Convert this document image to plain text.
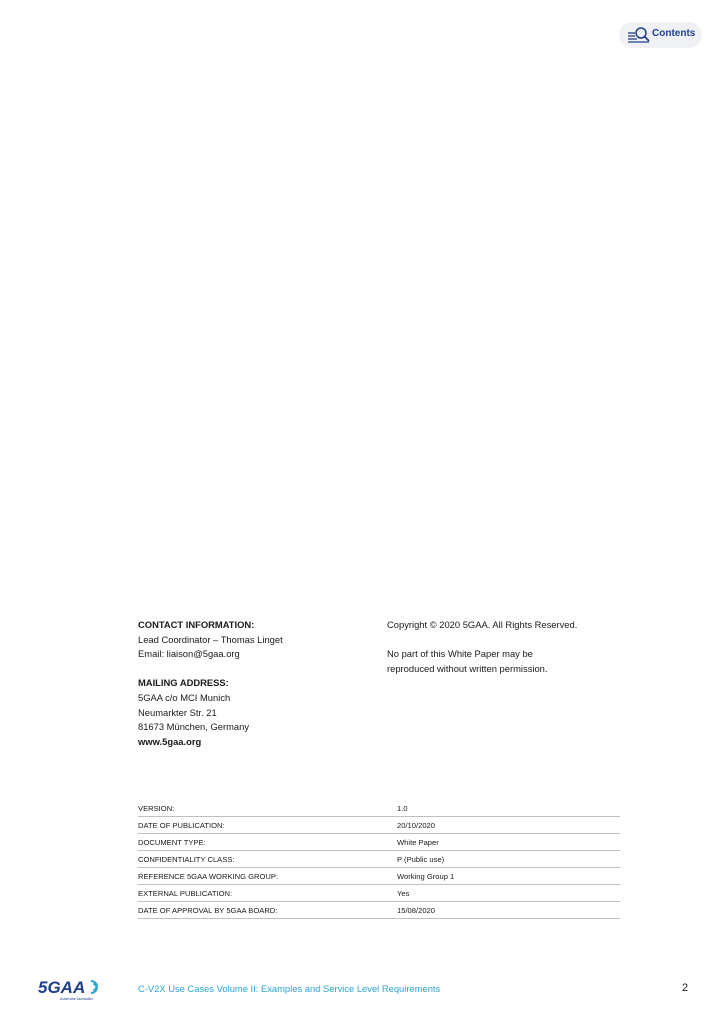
Contents
CONTACT INFORMATION:
Lead Coordinator – Thomas Linget
Email: liaison@5gaa.org
MAILING ADDRESS:
5GAA c/o MCI Munich
Neumarkter Str. 21
81673 München, Germany
www.5gaa.org
Copyright © 2020 5GAA. All Rights Reserved.
No part of this White Paper may be reproduced without written permission.
VERSION:	1.0
DATE OF PUBLICATION:	20/10/2020
DOCUMENT TYPE:	White Paper
CONFIDENTIALITY CLASS:	P (Public use)
REFERENCE 5GAA WORKING GROUP:	Working Group 1
EXTERNAL PUBLICATION:	Yes
DATE OF APPROVAL BY 5GAA BOARD:	15/08/2020
5GAA
Automotive Association
C-V2X Use Cases Volume II: Examples and Service Level Requirements	2
